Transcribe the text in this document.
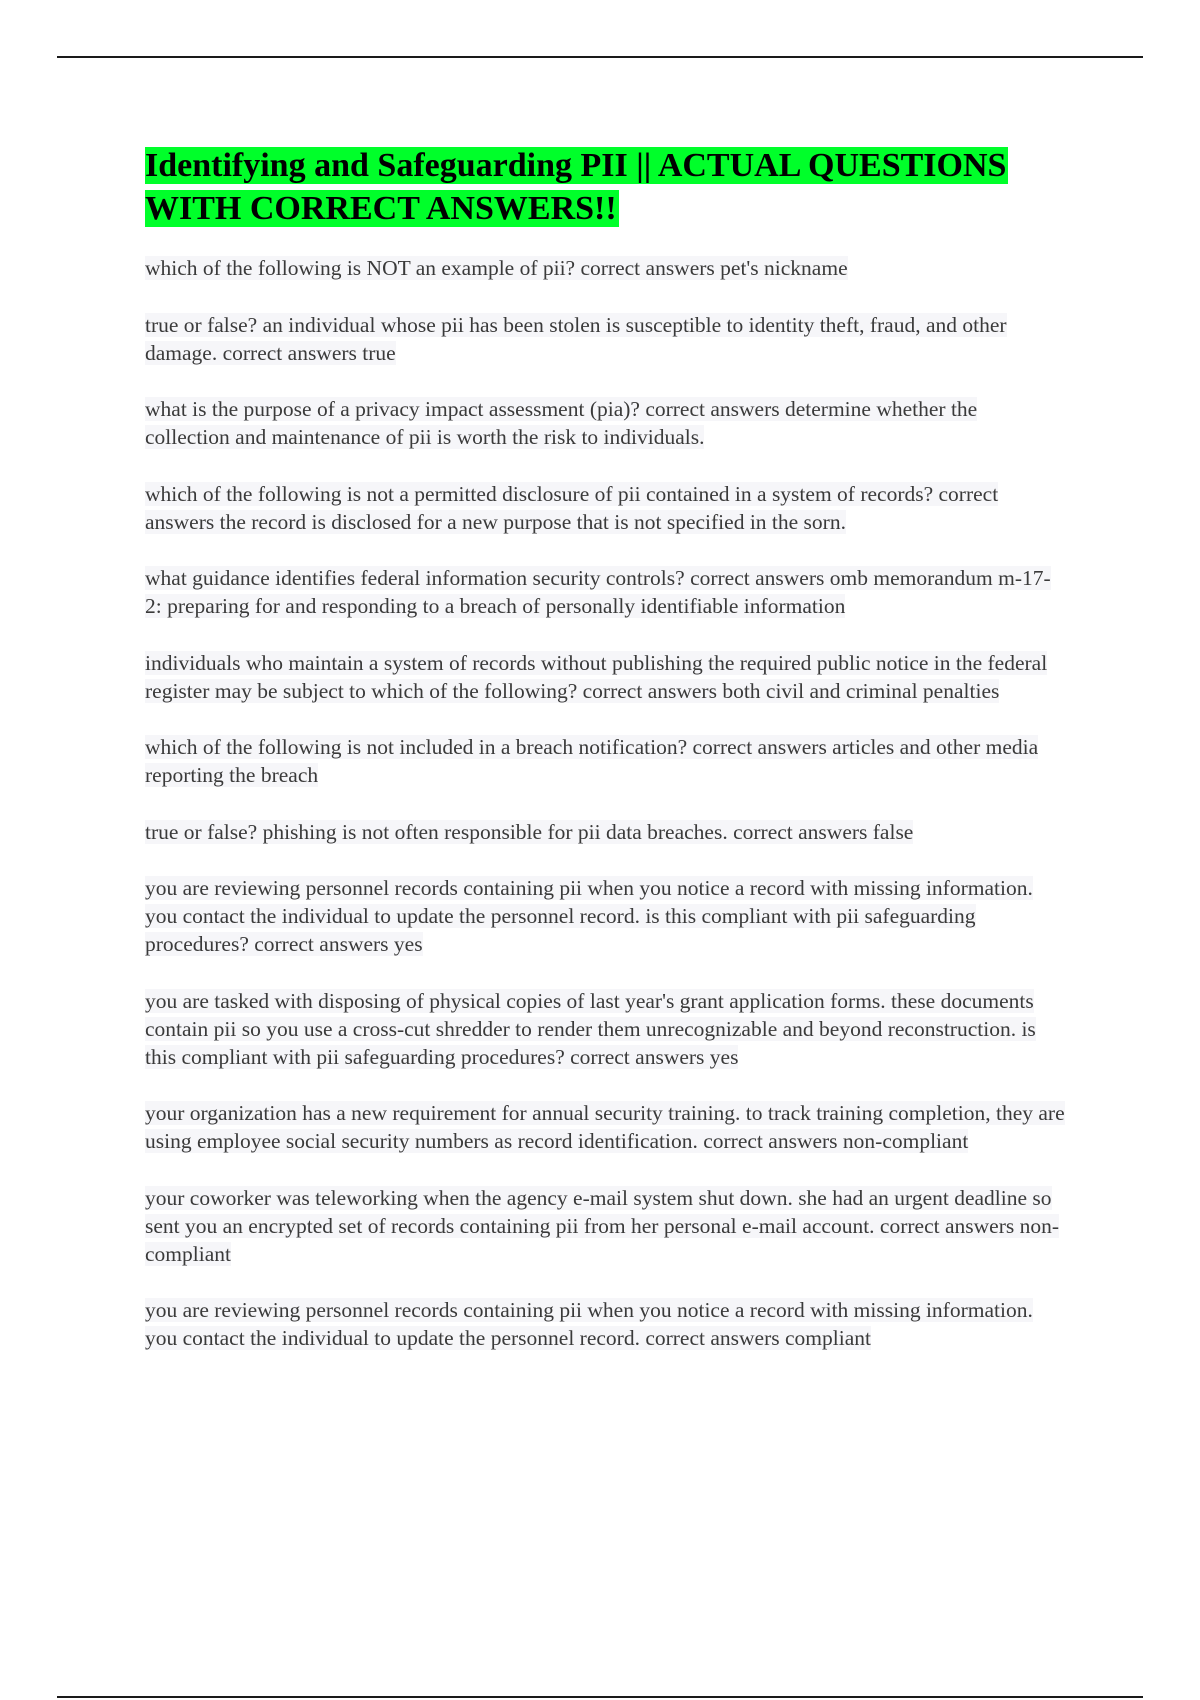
Identifying and Safeguarding PII || ACTUAL QUESTIONS WITH CORRECT ANSWERS!!
which of the following is NOT an example of pii? correct answers pet's nickname
true or false? an individual whose pii has been stolen is susceptible to identity theft, fraud, and other damage. correct answers true
what is the purpose of a privacy impact assessment (pia)? correct answers determine whether the collection and maintenance of pii is worth the risk to individuals.
which of the following is not a permitted disclosure of pii contained in a system of records? correct answers the record is disclosed for a new purpose that is not specified in the sorn.
what guidance identifies federal information security controls? correct answers omb memorandum m-17-2: preparing for and responding to a breach of personally identifiable information
individuals who maintain a system of records without publishing the required public notice in the federal register may be subject to which of the following? correct answers both civil and criminal penalties
which of the following is not included in a breach notification? correct answers articles and other media reporting the breach
true or false? phishing is not often responsible for pii data breaches. correct answers false
you are reviewing personnel records containing pii when you notice a record with missing information. you contact the individual to update the personnel record. is this compliant with pii safeguarding procedures? correct answers yes
you are tasked with disposing of physical copies of last year's grant application forms. these documents contain pii so you use a cross-cut shredder to render them unrecognizable and beyond reconstruction. is this compliant with pii safeguarding procedures? correct answers yes
your organization has a new requirement for annual security training. to track training completion, they are using employee social security numbers as record identification. correct answers non-compliant
your coworker was teleworking when the agency e-mail system shut down. she had an urgent deadline so sent you an encrypted set of records containing pii from her personal e-mail account. correct answers non-compliant
you are reviewing personnel records containing pii when you notice a record with missing information. you contact the individual to update the personnel record. correct answers compliant
